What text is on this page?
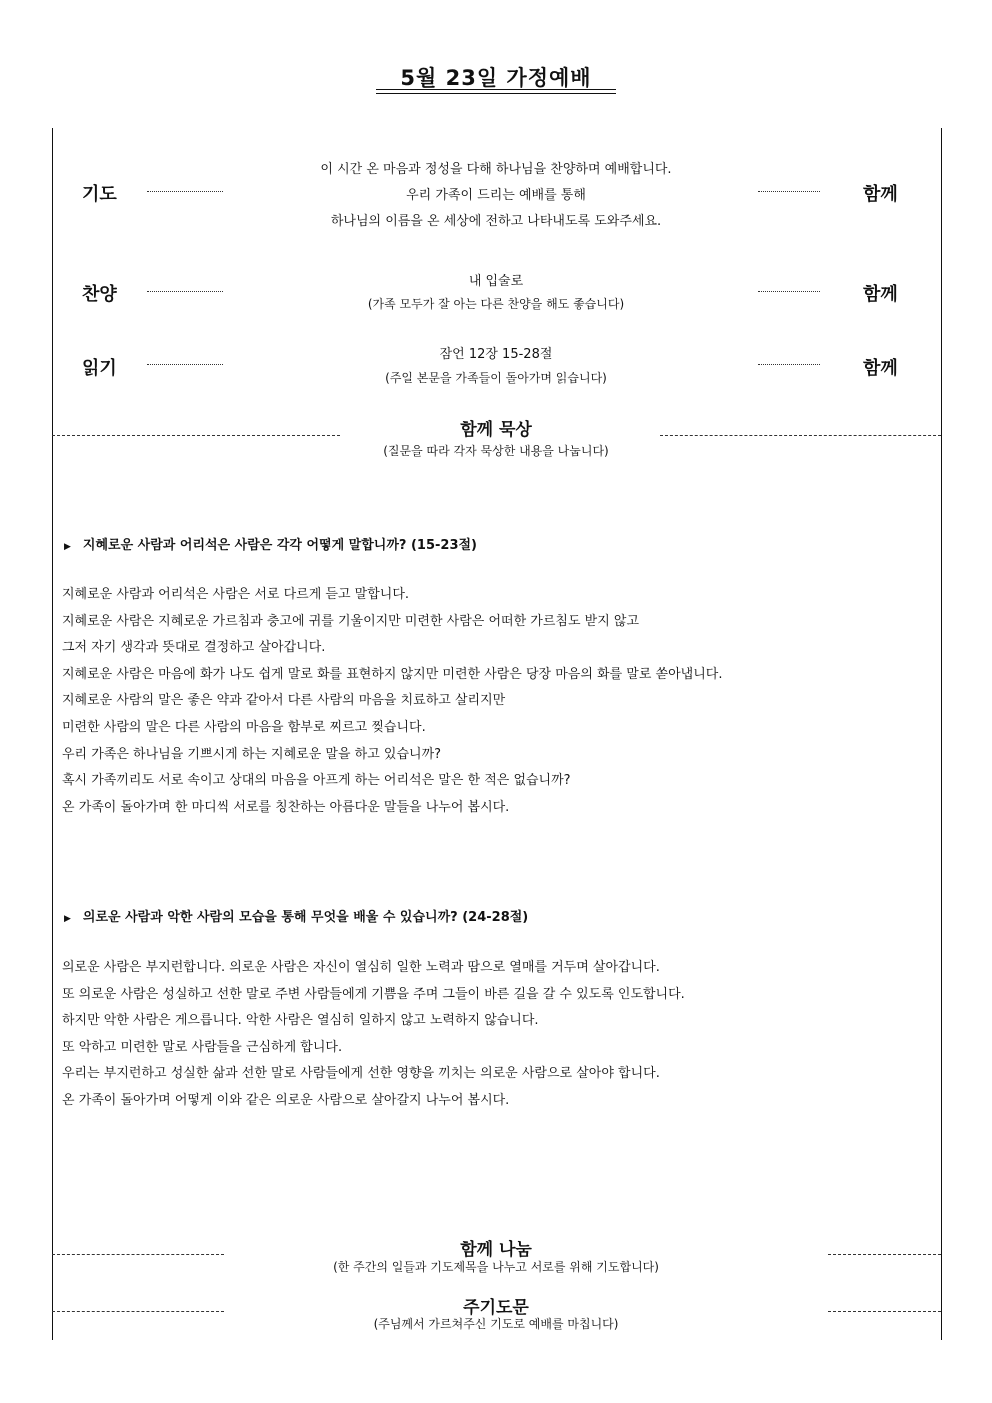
5월 23일 가정예배
기도
이 시간 온 마음과 정성을 다해 하나님을 찬양하며 예배합니다.
우리 가족이 드리는 예배를 통해
하나님의 이름을 온 세상에 전하고 나타내도록 도와주세요.
함께
찬양
내 입술로
(가족 모두가 잘 아는 다른 찬양을 해도 좋습니다)	함께
읽기
잠언 12장 15-28절
(주일 본문을 가족들이 돌아가며 읽습니다)	함께
함께 묵상
(질문을 따라 각자 묵상한 내용을 나눕니다)
▶ 지혜로운 사람과 어리석은 사람은 각각 어떻게 말합니까? (15-23절)
지혜로운 사람과 어리석은 사람은 서로 다르게 듣고 말합니다.
지혜로운 사람은 지혜로운 가르침과 충고에 귀를 기울이지만 미련한 사람은 어떠한 가르침도 받지 않고
그저 자기 생각과 뜻대로 결정하고 살아갑니다.
지혜로운 사람은 마음에 화가 나도 쉽게 말로 화를 표현하지 않지만 미련한 사람은 당장 마음의 화를 말로 쏟아냅니다.
지혜로운 사람의 말은 좋은 약과 같아서 다른 사람의 마음을 치료하고 살리지만
미련한 사람의 말은 다른 사람의 마음을 함부로 찌르고 찢습니다.
우리 가족은 하나님을 기쁘시게 하는 지혜로운 말을 하고 있습니까?
혹시 가족끼리도 서로 속이고 상대의 마음을 아프게 하는 어리석은 말은 한 적은 없습니까?
온 가족이 돌아가며 한 마디씩 서로를 칭찬하는 아름다운 말들을 나누어 봅시다.
▶ 의로운 사람과 악한 사람의 모습을 통해 무엇을 배울 수 있습니까? (24-28절)
의로운 사람은 부지런합니다. 의로운 사람은 자신이 열심히 일한 노력과 땀으로 열매를 거두며 살아갑니다.
또 의로운 사람은 성실하고 선한 말로 주변 사람들에게 기쁨을 주며 그들이 바른 길을 갈 수 있도록 인도합니다.
하지만 악한 사람은 게으릅니다. 악한 사람은 열심히 일하지 않고 노력하지 않습니다.
또 악하고 미련한 말로 사람들을 근심하게 합니다.
우리는 부지런하고 성실한 삶과 선한 말로 사람들에게 선한 영향을 끼치는 의로운 사람으로 살아야 합니다.
온 가족이 돌아가며 어떻게 이와 같은 의로운 사람으로 살아갈지 나누어 봅시다.
함께 나눔
(한 주간의 일들과 기도제목을 나누고 서로를 위해 기도합니다)
주기도문
(주님께서 가르쳐주신 기도로 예배를 마칩니다)
